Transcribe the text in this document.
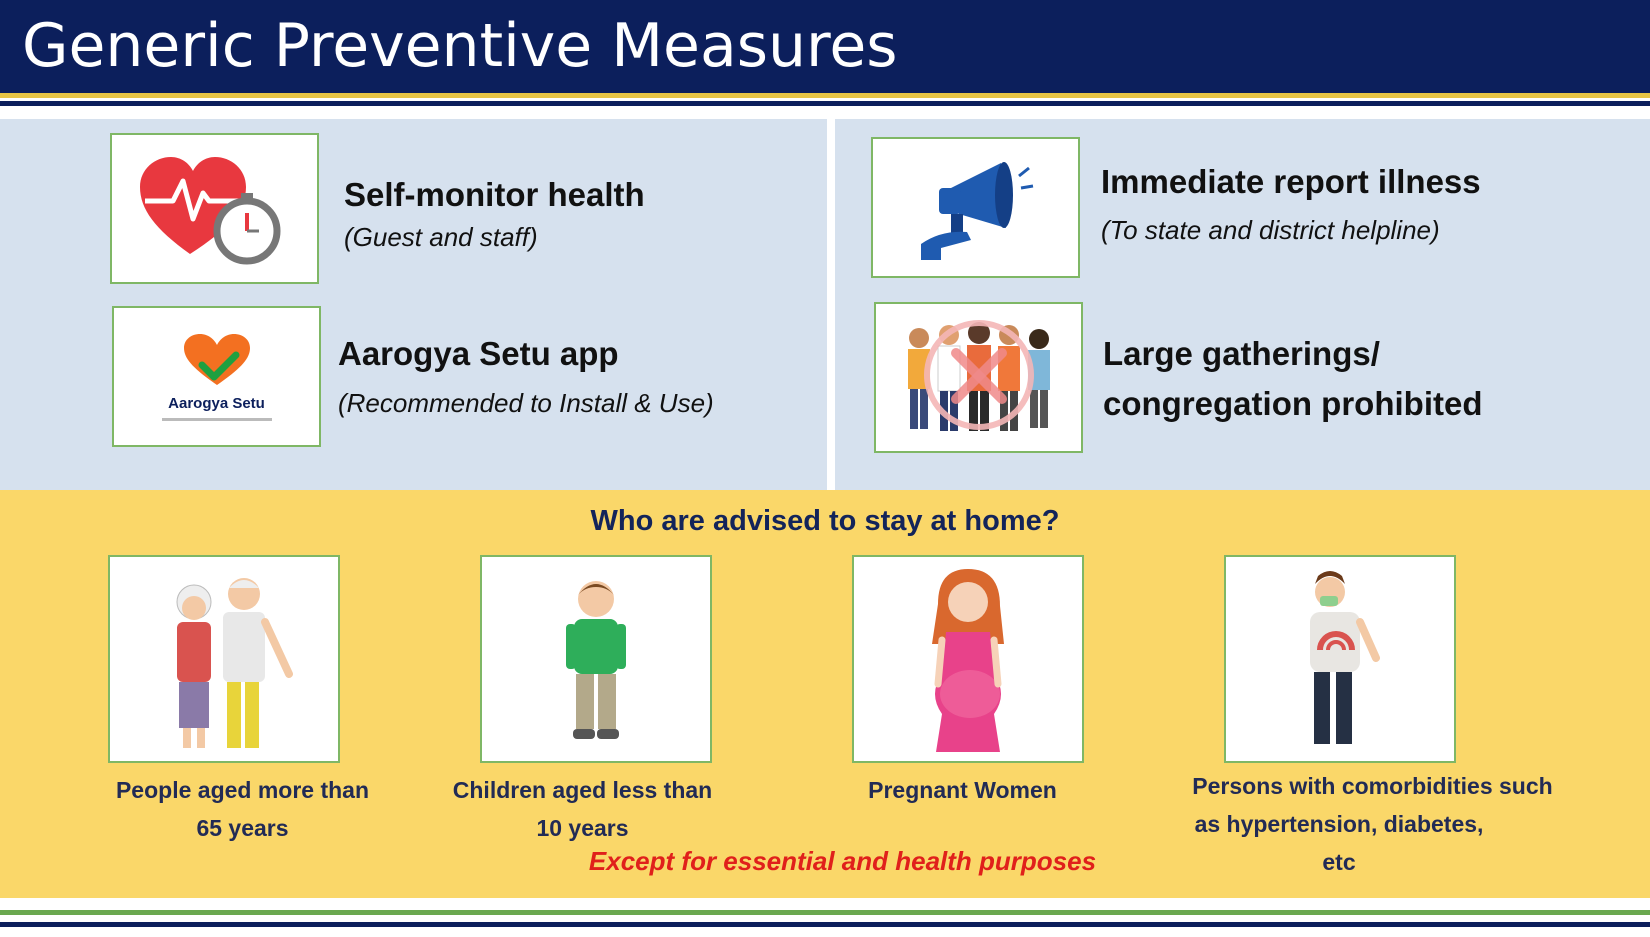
Generic Preventive Measures
Self-monitor health
(Guest and staff)
Aarogya Setu
Aarogya Setu app
(Recommended to Install & Use)
Immediate report illness
(To state and district helpline)
Large gatherings/
congregation prohibited
Who are advised to stay at home?
People aged more than
65 years
Children aged less than
10 years
Pregnant Women	Persons with comorbidities such
as hypertension, diabetes, etc
Except for essential and health purposes
